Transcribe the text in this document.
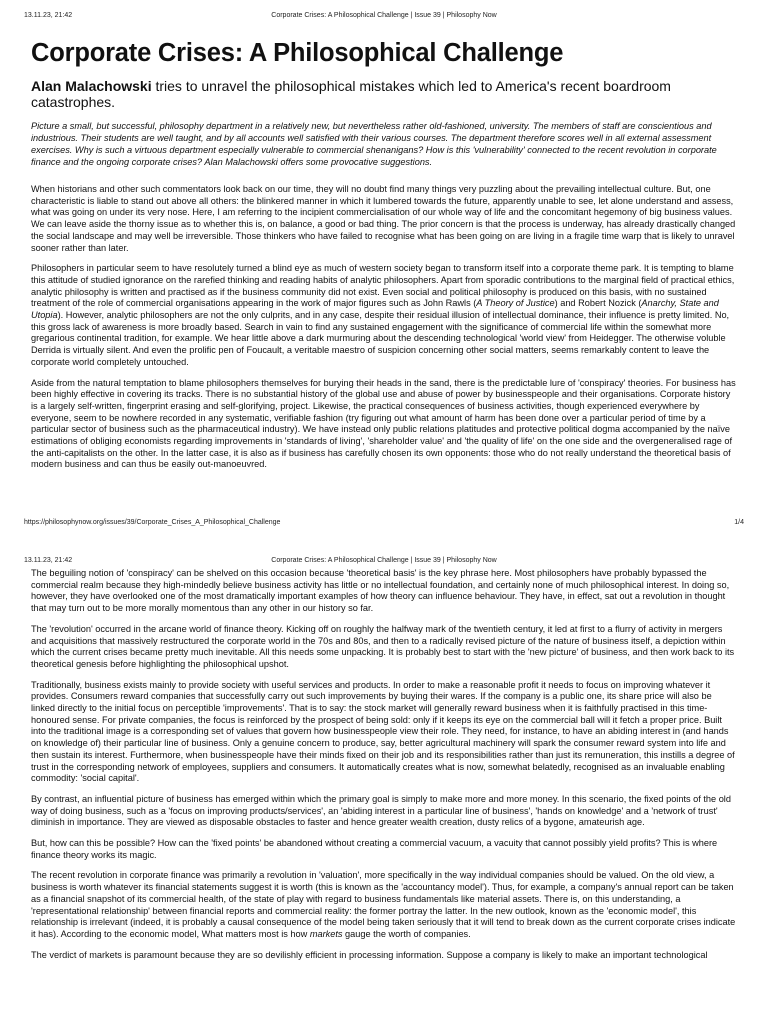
13.11.23, 21:42	Corporate Crises: A Philosophical Challenge | Issue 39 | Philosophy Now
Corporate Crises: A Philosophical Challenge
Alan Malachowski tries to unravel the philosophical mistakes which led to America's recent boardroom catastrophes.
Picture a small, but successful, philosophy department in a relatively new, but nevertheless rather old-fashioned, university. The members of staff are conscientious and industrious. Their students are well taught, and by all accounts well satisfied with their various courses. The department therefore scores well in all external assessment exercises. Why is such a virtuous department especially vulnerable to commercial shenanigans? How is this 'vulnerability' connected to the recent revolution in corporate finance and the ongoing corporate crises? Alan Malachowski offers some provocative suggestions.

When historians and other such commentators look back on our time, they will no doubt find many things very puzzling about the prevailing intellectual culture. But, one characteristic is liable to stand out above all others: the blinkered manner in which it lumbered towards the future, apparently unable to see, let alone understand and assess, what was going on under its very nose. Here, I am referring to the incipient commercialisation of our whole way of life and the concomitant hegemony of big business values. We can leave aside the thorny issue as to whether this is, on balance, a good or bad thing. The prior concern is that the process is underway, has already drastically changed the social landscape and may well be irreversible. Those thinkers who have failed to recognise what has been going on are living in a fragile time warp that is likely to unravel sooner rather than later.

Philosophers in particular seem to have resolutely turned a blind eye as much of western society began to transform itself into a corporate theme park. It is tempting to blame this attitude of studied ignorance on the rarefied thinking and reading habits of analytic philosophers. Apart from sporadic contributions to the marginal field of practical ethics, analytic philosophy is written and practised as if the business community did not exist. Even social and political philosophy is produced on this basis, with no sustained treatment of the role of commercial organisations appearing in the work of major figures such as John Rawls (A Theory of Justice) and Robert Nozick (Anarchy, State and Utopia). However, analytic philosophers are not the only culprits, and in any case, despite their residual illusion of intellectual dominance, their influence is pretty limited. No, this gross lack of awareness is more broadly based. Search in vain to find any sustained engagement with the significance of commercial life within the somewhat more gregarious continental tradition, for example. We hear little above a dark murmuring about the descending technological 'world view' from Heidegger. The otherwise voluble Derrida is virtually silent. And even the prolific pen of Foucault, a veritable maestro of suspicion concerning other social matters, seems remarkably content to leave the corporate world completely untouched.

Aside from the natural temptation to blame philosophers themselves for burying their heads in the sand, there is the predictable lure of 'conspiracy' theories. For business has been highly effective in covering its tracks. There is no substantial history of the global use and abuse of power by businesspeople and their organisations. Corporate history is a largely self-written, fingerprint erasing and self-glorifying, project. Likewise, the practical consequences of business activities, though experienced everywhere by everyone, seem to be nowhere recorded in any systematic, verifiable fashion (try figuring out what amount of harm has been done over a particular period of time by a particular sector of business such as the pharmaceutical industry). We have instead only public relations platitudes and protective political dogma accompanied by the naïve estimations of obliging economists regarding improvements in 'standards of living', 'shareholder value' and 'the quality of life' on the one side and the overgeneralised rage of the anti-capitalists on the other. In the latter case, it is also as if business has carefully chosen its own opponents: those who do not really understand the theoretical basis of modern business and can thus be easily out-manoeuvred.

https://philosophynow.org/issues/39/Corporate_Crises_A_Philosophical_Challenge	1/4
13.11.23, 21:42	Corporate Crises: A Philosophical Challenge | Issue 39 | Philosophy Now

The beguiling notion of 'conspiracy' can be shelved on this occasion because 'theoretical basis' is the key phrase here. Most philosophers have probably bypassed the commercial realm because they high-mindedly believe business activity has little or no intellectual foundation, and certainly none of much philosophical interest. In doing so, however, they have overlooked one of the most dramatically important examples of how theory can influence behaviour. They have, in effect, sat out a revolution in thought that may turn out to be more morally momentous than any other in our history so far.

The 'revolution' occurred in the arcane world of finance theory. Kicking off on roughly the halfway mark of the twentieth century, it led at first to a flurry of activity in mergers and acquisitions that massively restructured the corporate world in the 70s and 80s, and then to a radically revised picture of the nature of business itself, a depiction within which the current crises became pretty much inevitable. All this needs some unpacking. It is probably best to start with the 'new picture' of business, and then work back to its theoretical genesis before highlighting the philosophical upshot.

Traditionally, business exists mainly to provide society with useful services and products. In order to make a reasonable profit it needs to focus on improving whatever it provides. Consumers reward companies that successfully carry out such improvements by buying their wares. If the company is a public one, its share price will also be linked directly to the initial focus on perceptible 'improvements'. That is to say: the stock market will generally reward business when it is faithfully practised in this time-honoured sense. For private companies, the focus is reinforced by the prospect of being sold: only if it keeps its eye on the commercial ball will it fetch a proper price. Built into the traditional image is a corresponding set of values that govern how businesspeople view their role. They need, for instance, to have an abiding interest in (and hands on knowledge of) their particular line of business. Only a genuine concern to produce, say, better agricultural machinery will spark the consumer reward system into life and then sustain its interest. Furthermore, when businesspeople have their minds fixed on their job and its responsibilities rather than just its remuneration, this instills a degree of trust in the corresponding network of employees, suppliers and consumers. It automatically creates what is now, somewhat belatedly, recognised as an invaluable enabling commodity: 'social capital'.

By contrast, an influential picture of business has emerged within which the primary goal is simply to make more and more money. In this scenario, the fixed points of the old way of doing business, such as a 'focus on improving products/services', an 'abiding interest in a particular line of business', 'hands on knowledge' and a 'network of trust' diminish in importance. They are viewed as disposable obstacles to faster and hence greater wealth creation, dusty relics of a bygone, amateurish age.

But, how can this be possible? How can the 'fixed points' be abandoned without creating a commercial vacuum, a vacuity that cannot possibly yield profits? This is where finance theory works its magic.

The recent revolution in corporate finance was primarily a revolution in 'valuation', more specifically in the way individual companies should be valued. On the old view, a business is worth whatever its financial statements suggest it is worth (this is known as the 'accountancy model'). Thus, for example, a company's annual report can be taken as a financial snapshot of its commercial health, of the state of play with regard to business fundamentals like material assets. There is, on this understanding, a 'representational relationship' between financial reports and commercial reality: the former portray the latter. In the new outlook, known as the 'economic model', this relationship is irrelevant (indeed, it is probably a causal consequence of the model being taken seriously that it will tend to break down as the current corporate crises indicate it has). According to the economic model, What matters most is how markets gauge the worth of companies.

The verdict of markets is paramount because they are so devilishly efficient in processing information. Suppose a company is likely to make an important technological
